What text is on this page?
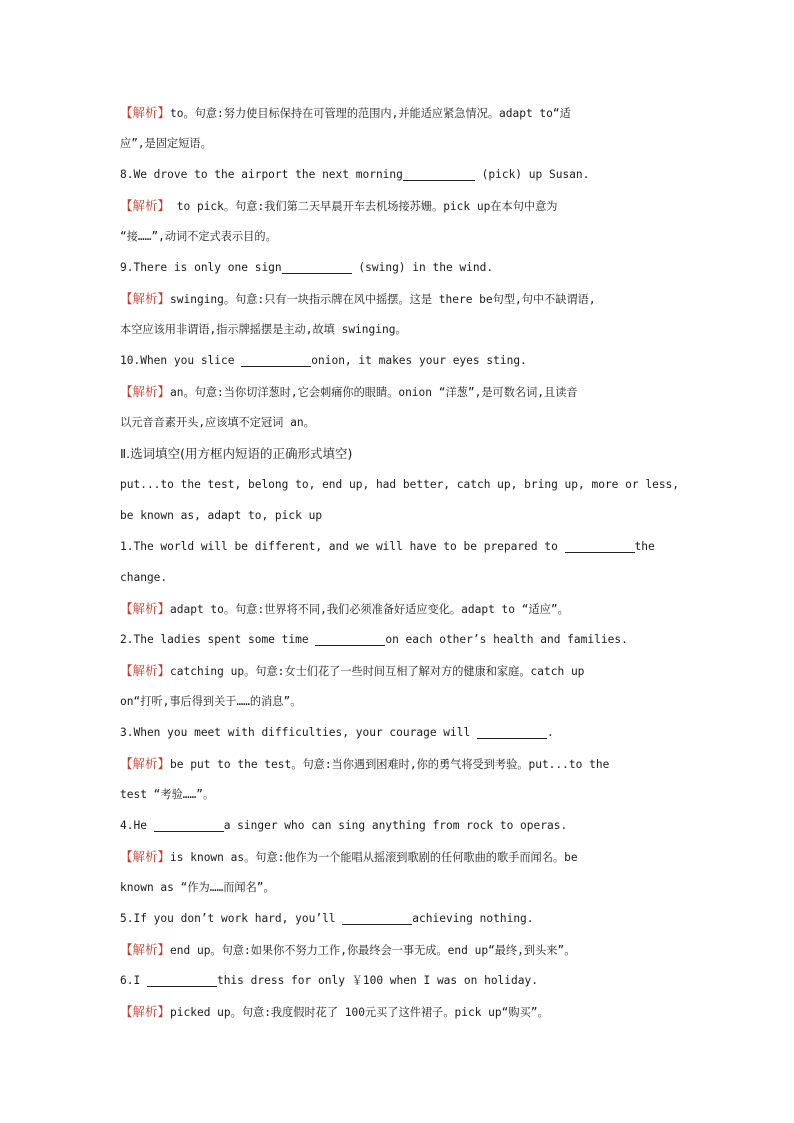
【解析】to。句意:努力使目标保持在可管理的范围内,并能适应紧急情况。adapt to“适
应”,是固定短语。
8.We drove to the airport the next morning	(pick) up Susan.
【解析】 to pick。句意:我们第二天早晨开车去机场接苏姗。pick up在本句中意为
“接……”,动词不定式表示目的。
9.There is only one sign	(swing) in the wind.
【解析】swinging。句意:只有一块指示牌在风中摇摆。这是 there be句型,句中不缺谓语,
本空应该用非谓语,指示牌摇摆是主动,故填 swinging。
10.When you slice	onion, it makes your eyes sting.
【解析】an。句意:当你切洋葱时,它会刺痛你的眼睛。onion “洋葱”,是可数名词,且读音
以元音音素开头,应该填不定冠词 an。
Ⅱ.选词填空(用方框内短语的正确形式填空)
put...to the test, belong to, end up, had better, catch up, bring up, more or less,
be known as, adapt to, pick up
1.The world will be different, and we will have to be prepared to	the
change.
【解析】adapt to。句意:世界将不同,我们必须准备好适应变化。adapt to “适应”。
2.The ladies spent some time	on each other’s health and families.
【解析】catching up。句意:女士们花了一些时间互相了解对方的健康和家庭。catch up
on“打听,事后得到关于……的消息”。
3.When you meet with difficulties, your courage will	.
【解析】be put to the test。句意:当你遇到困难时,你的勇气将受到考验。put...to the
test “考验……”。
4.He	a singer who can sing anything from rock to operas.
【解析】is known as。句意:他作为一个能唱从摇滚到歌剧的任何歌曲的歌手而闻名。be
known as “作为……而闻名”。
5.If you don’t work hard, you’ll	achieving nothing.
【解析】end up。句意:如果你不努力工作,你最终会一事无成。end up“最终,到头来”。
6.I	this dress for only ￥100 when I was on holiday.
【解析】picked up。句意:我度假时花了 100元买了这件裙子。pick up“购买”。
